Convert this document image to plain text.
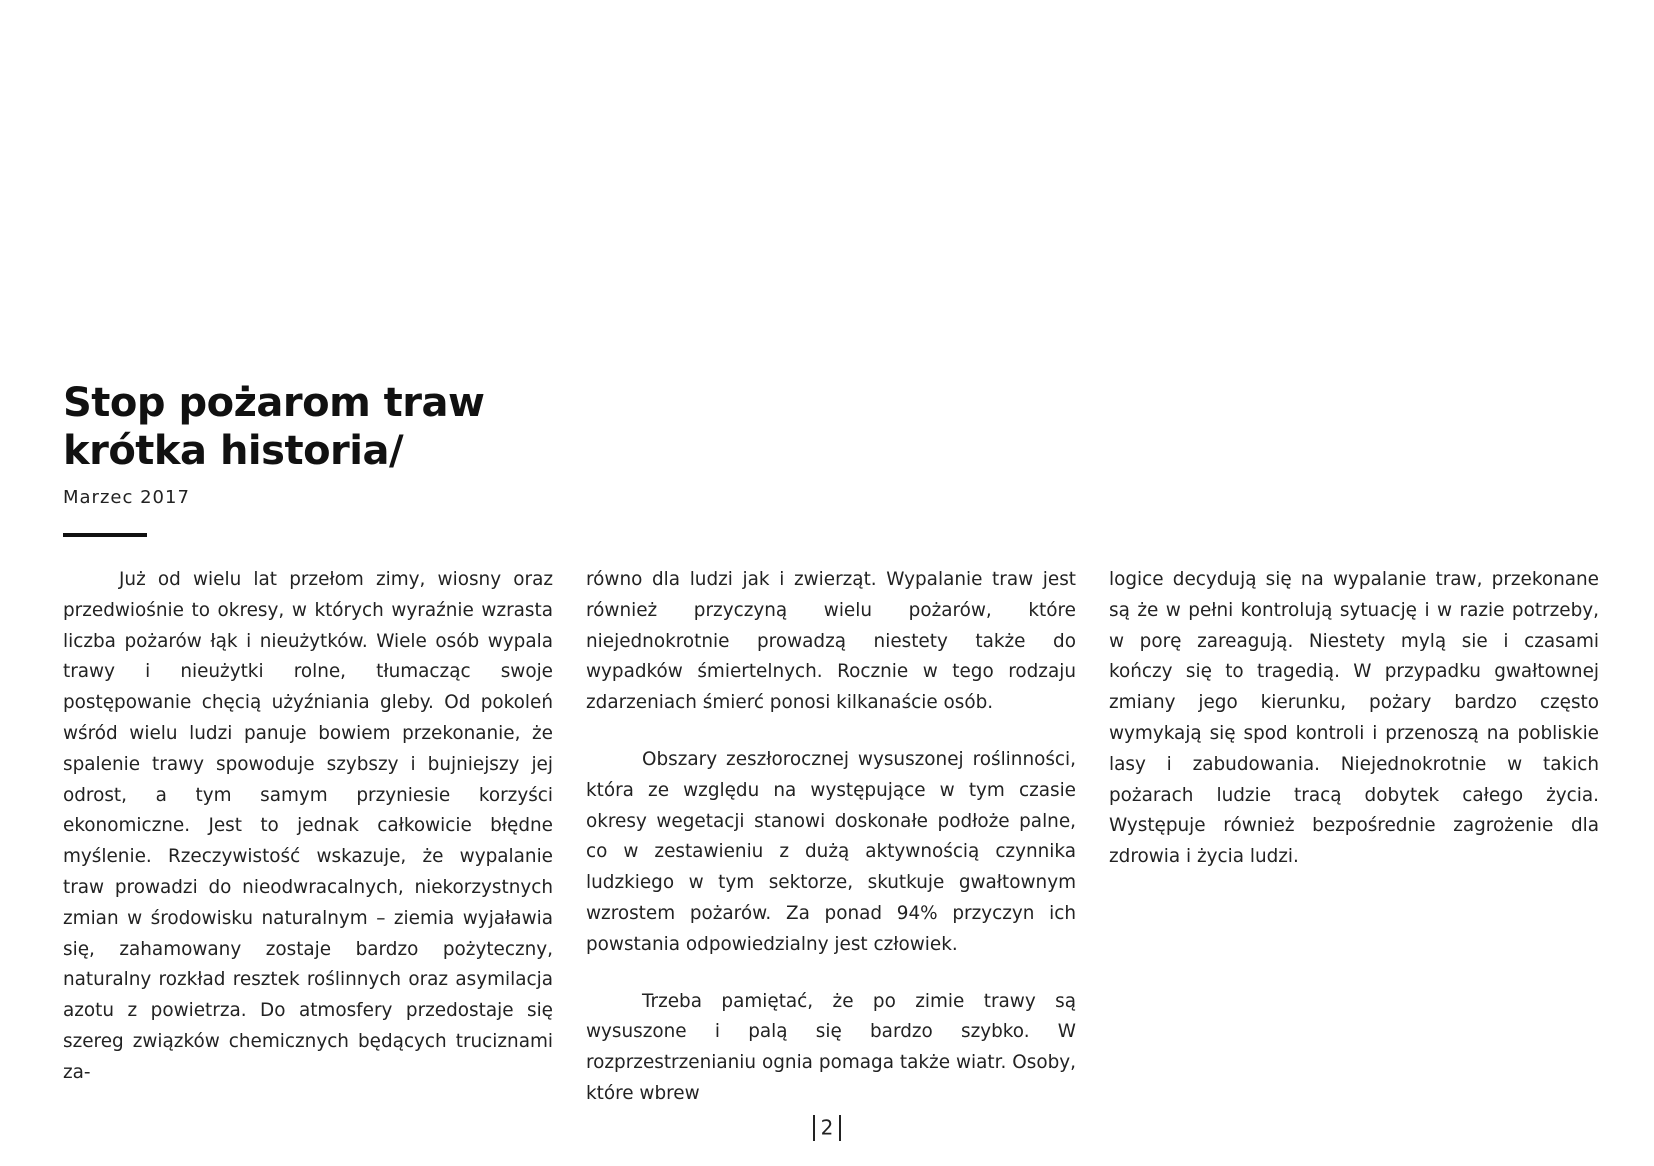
Stop pożarom traw
krótka historia/
Marzec 2017

Już od wielu lat przełom zimy, wiosny oraz przedwiośnie to okresy, w których wyraźnie wzrasta liczba pożarów łąk i nieużytków. Wiele osób wypala trawy i nieużytki rolne, tłumacząc swoje postępowanie chęcią użyźniania gleby. Od pokoleń wśród wielu ludzi panuje bowiem przekonanie, że spalenie trawy spowoduje szybszy i bujniejszy jej odrost, a tym samym przyniesie korzyści ekonomiczne. Jest to jednak całkowicie błędne myślenie. Rzeczywistość wskazuje, że wypalanie traw prowadzi do nieodwracalnych, niekorzystnych zmian w środowisku naturalnym – ziemia wyjaławia się, zahamowany zostaje bardzo pożyteczny, naturalny rozkład resztek roślinnych oraz asymilacja azotu z powietrza. Do atmosfery przedostaje się szereg związków chemicznych będących truciznami za-

równo dla ludzi jak i zwierząt. Wypalanie traw jest również przyczyną wielu pożarów, które niejednokrotnie prowadzą niestety także do wypadków śmiertelnych. Rocznie w tego rodzaju zdarzeniach śmierć ponosi kilkanaście osób.

Obszary zeszłorocznej wysuszonej roślinności, która ze względu na występujące w tym czasie okresy wegetacji stanowi doskonałe podłoże palne, co w zestawieniu z dużą aktywnością czynnika ludzkiego w tym sektorze, skutkuje gwałtownym wzrostem pożarów. Za ponad 94% przyczyn ich powstania odpowiedzialny jest człowiek.

Trzeba pamiętać, że po zimie trawy są wysuszone i palą się bardzo szybko. W rozprzestrzenianiu ognia pomaga także wiatr. Osoby, które wbrew

logice decydują się na wypalanie traw, przekonane są że w pełni kontrolują sytuację i w razie potrzeby, w porę zareagują. Niestety mylą sie i czasami kończy się to tragedią. W przypadku gwałtownej zmiany jego kierunku, pożary bardzo często wymykają się spod kontroli i przenoszą na pobliskie lasy i zabudowania. Niejednokrotnie w takich pożarach ludzie tracą dobytek całego życia. Występuje również bezpośrednie zagrożenie dla zdrowia i życia ludzi.

2
